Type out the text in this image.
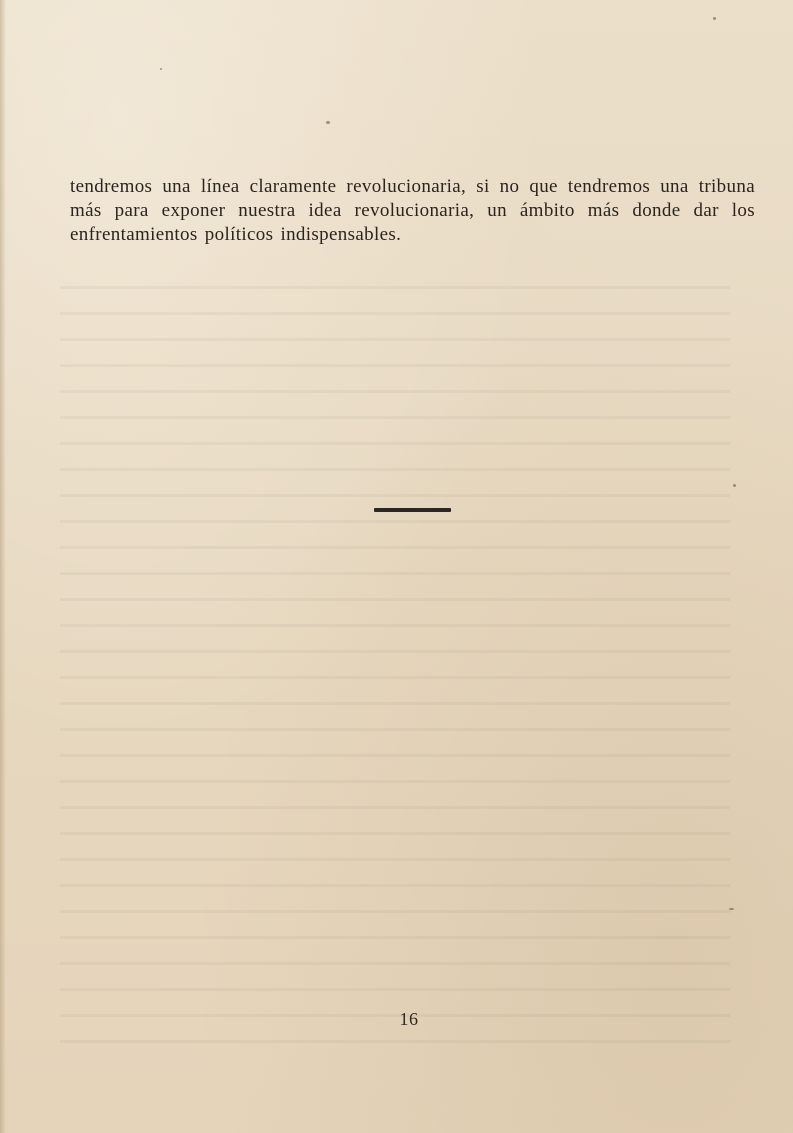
tendremos una línea claramente revolucionaria, si no que tendremos una tribuna más para exponer nuestra idea revolucionaria, un ámbito más donde dar los enfrentamientos políticos indispensables.

16
